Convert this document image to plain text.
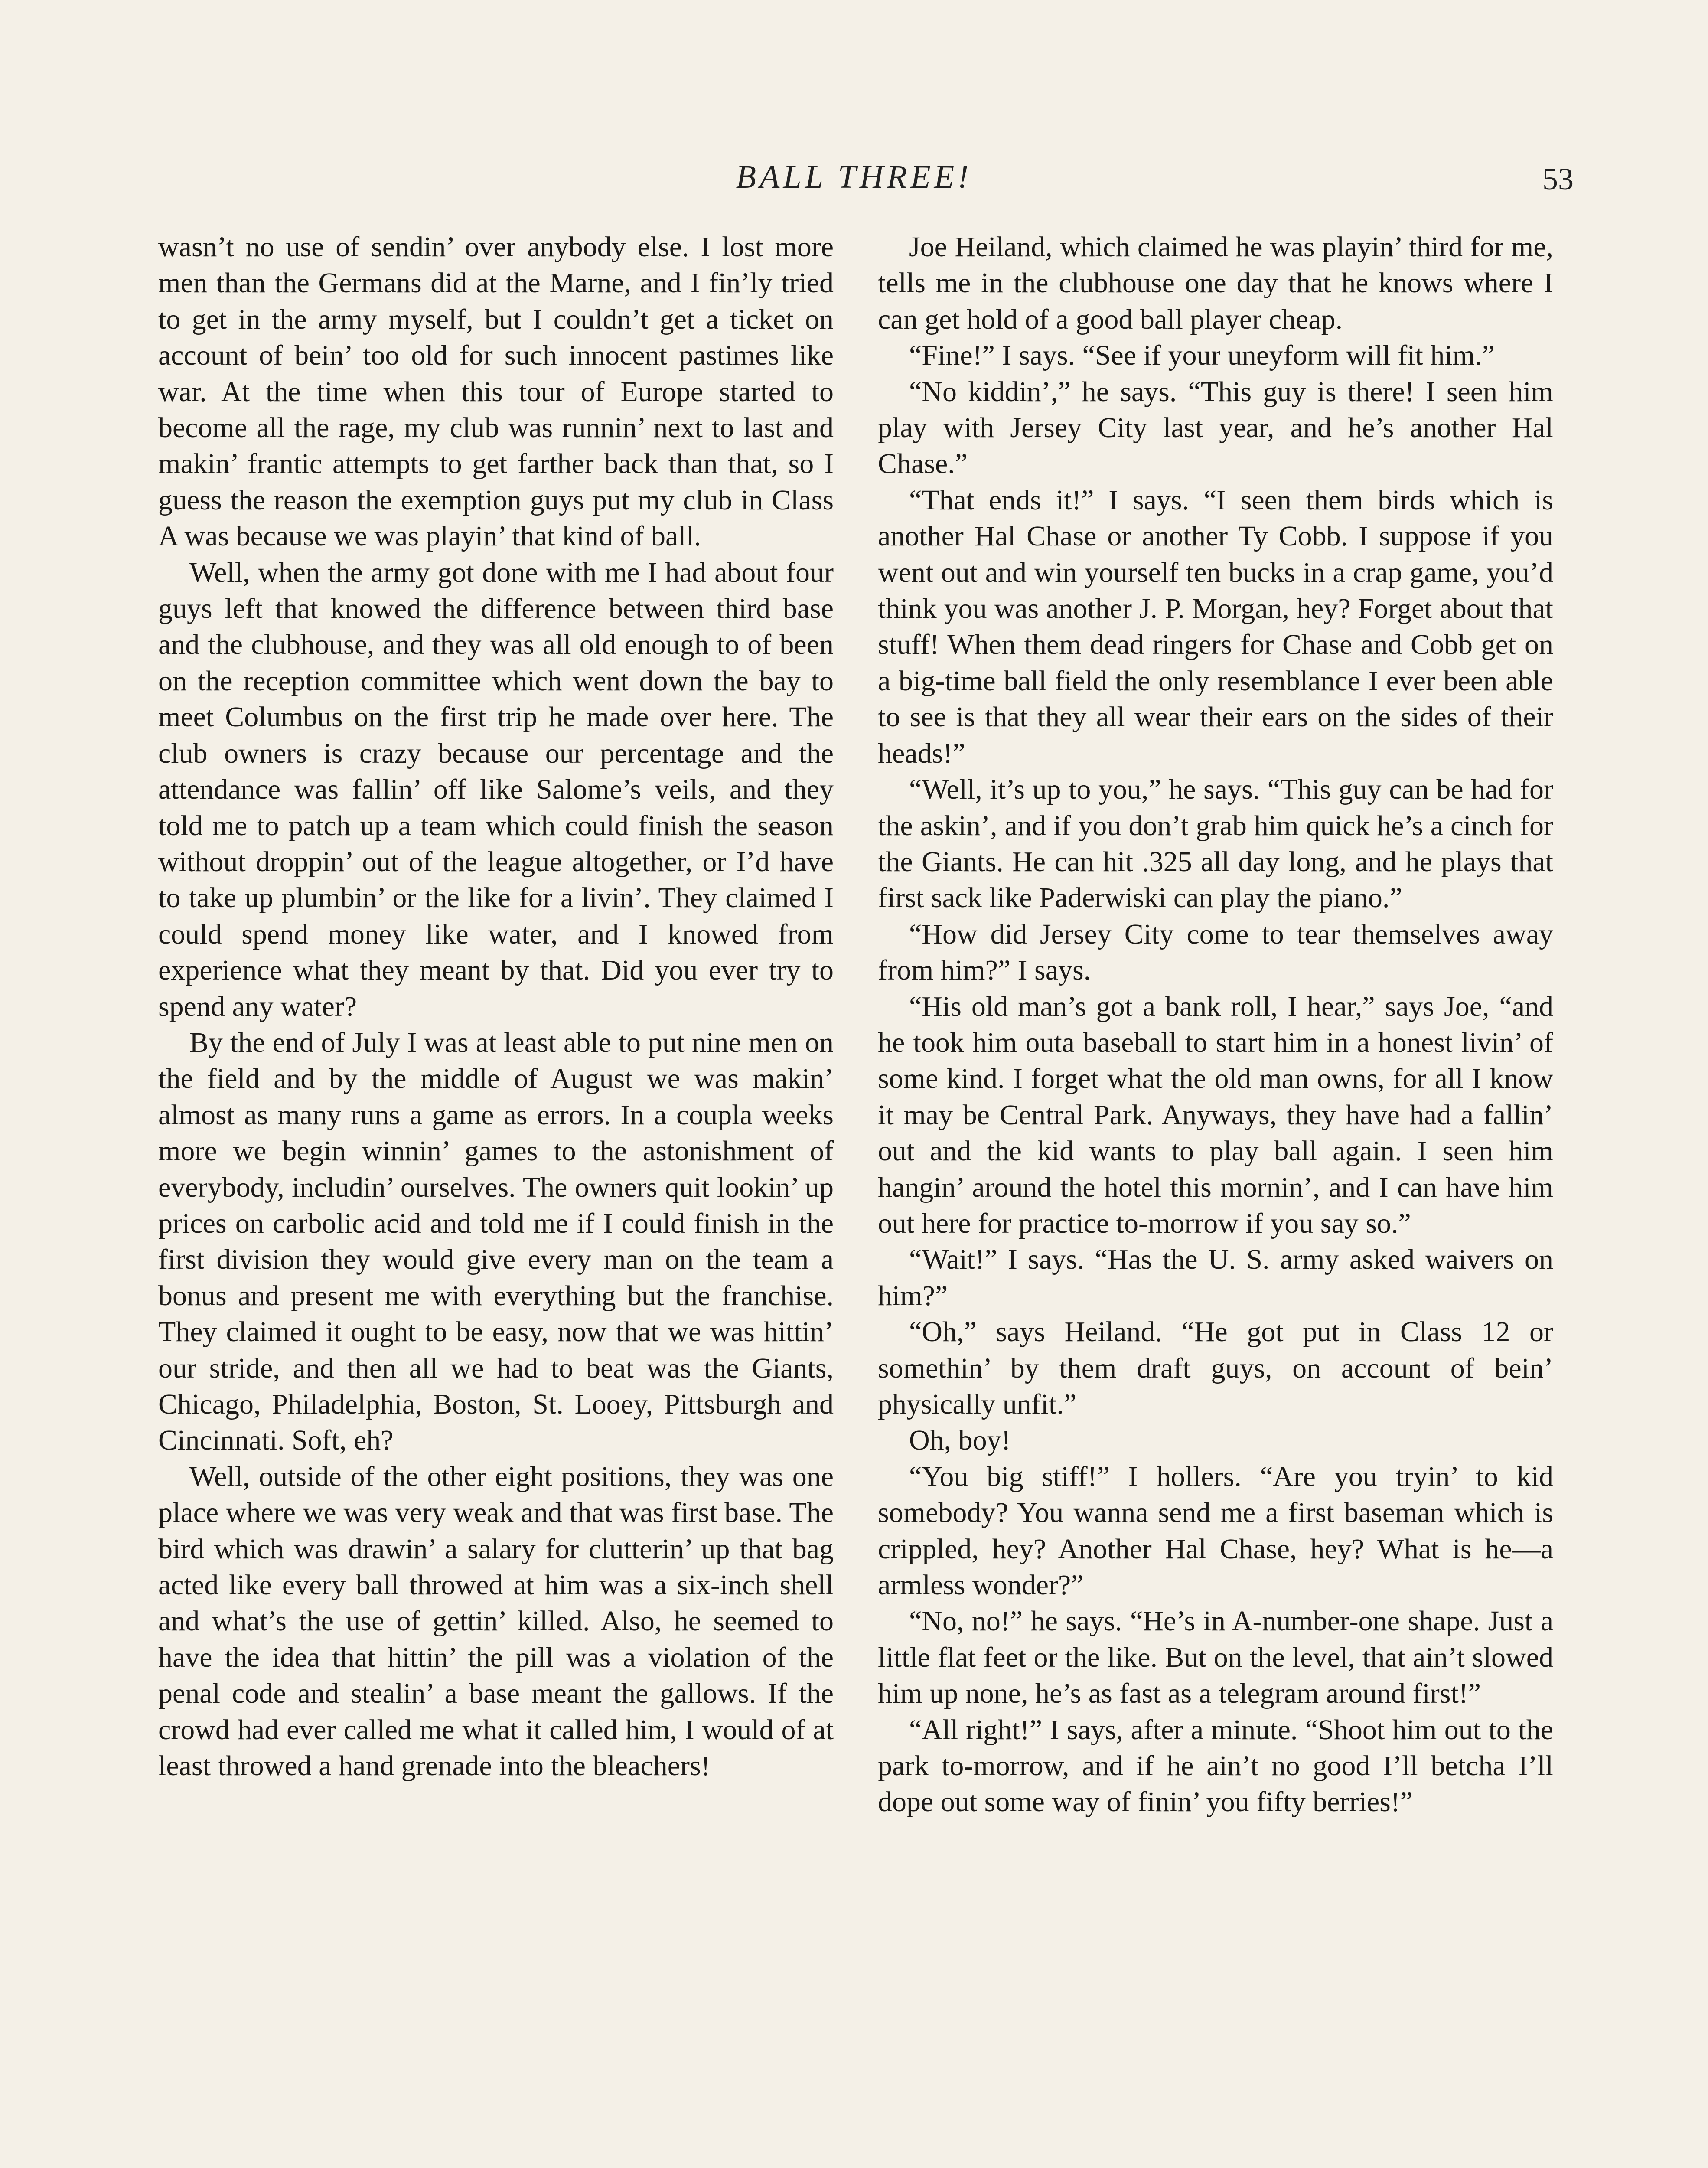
BALL THREE!	53

wasn’t no use of sendin’ over anybody else. I lost more men than the Germans did at the Marne, and I fin’ly tried to get in the army myself, but I couldn’t get a ticket on account of bein’ too old for such innocent pastimes like war. At the time when this tour of Europe started to become all the rage, my club was runnin’ next to last and makin’ frantic attempts to get farther back than that, so I guess the reason the exemption guys put my club in Class A was because we was playin’ that kind of ball.

Well, when the army got done with me I had about four guys left that knowed the difference between third base and the clubhouse, and they was all old enough to of been on the reception committee which went down the bay to meet Columbus on the first trip he made over here. The club owners is crazy because our percentage and the attendance was fallin’ off like Salome’s veils, and they told me to patch up a team which could finish the season without droppin’ out of the league altogether, or I’d have to take up plumbin’ or the like for a livin’. They claimed I could spend money like water, and I knowed from experience what they meant by that. Did you ever try to spend any water?

By the end of July I was at least able to put nine men on the field and by the middle of August we was makin’ almost as many runs a game as errors. In a coupla weeks more we begin winnin’ games to the astonishment of everybody, includin’ ourselves. The owners quit lookin’ up prices on carbolic acid and told me if I could finish in the first division they would give every man on the team a bonus and present me with everything but the franchise. They claimed it ought to be easy, now that we was hittin’ our stride, and then all we had to beat was the Giants, Chicago, Philadelphia, Boston, St. Looey, Pittsburgh and Cincinnati. Soft, eh?

Well, outside of the other eight positions, they was one place where we was very weak and that was first base. The bird which was drawin’ a salary for clutterin’ up that bag acted like every ball throwed at him was a six-inch shell and what’s the use of gettin’ killed. Also, he seemed to have the idea that hittin’ the pill was a violation of the penal code and stealin’ a base meant the gallows. If the crowd had ever called me what it called him, I would of at least throwed a hand grenade into the bleachers!

Joe Heiland, which claimed he was playin’ third for me, tells me in the clubhouse one day that he knows where I can get hold of a good ball player cheap.

“Fine!” I says. “See if your uneyform will fit him.”

“No kiddin’,” he says. “This guy is there! I seen him play with Jersey City last year, and he’s another Hal Chase.”

“That ends it!” I says. “I seen them birds which is another Hal Chase or another Ty Cobb. I suppose if you went out and win yourself ten bucks in a crap game, you’d think you was another J. P. Morgan, hey? Forget about that stuff! When them dead ringers for Chase and Cobb get on a big-time ball field the only resemblance I ever been able to see is that they all wear their ears on the sides of their heads!”

“Well, it’s up to you,” he says. “This guy can be had for the askin’, and if you don’t grab him quick he’s a cinch for the Giants. He can hit .325 all day long, and he plays that first sack like Paderwiski can play the piano.”

“How did Jersey City come to tear themselves away from him?” I says.

“His old man’s got a bank roll, I hear,” says Joe, “and he took him outa baseball to start him in a honest livin’ of some kind. I forget what the old man owns, for all I know it may be Central Park. Anyways, they have had a fallin’ out and the kid wants to play ball again. I seen him hangin’ around the hotel this mornin’, and I can have him out here for practice to-morrow if you say so.”

“Wait!” I says. “Has the U. S. army asked waivers on him?”

“Oh,” says Heiland. “He got put in Class 12 or somethin’ by them draft guys, on account of bein’ physically unfit.”

Oh, boy!

“You big stiff!” I hollers. “Are you tryin’ to kid somebody? You wanna send me a first baseman which is crippled, hey? Another Hal Chase, hey? What is he—a armless wonder?”

“No, no!” he says. “He’s in A-number-one shape. Just a little flat feet or the like. But on the level, that ain’t slowed him up none, he’s as fast as a telegram around first!”

“All right!” I says, after a minute. “Shoot him out to the park to-morrow, and if he ain’t no good I’ll betcha I’ll dope out some way of finin’ you fifty berries!”
